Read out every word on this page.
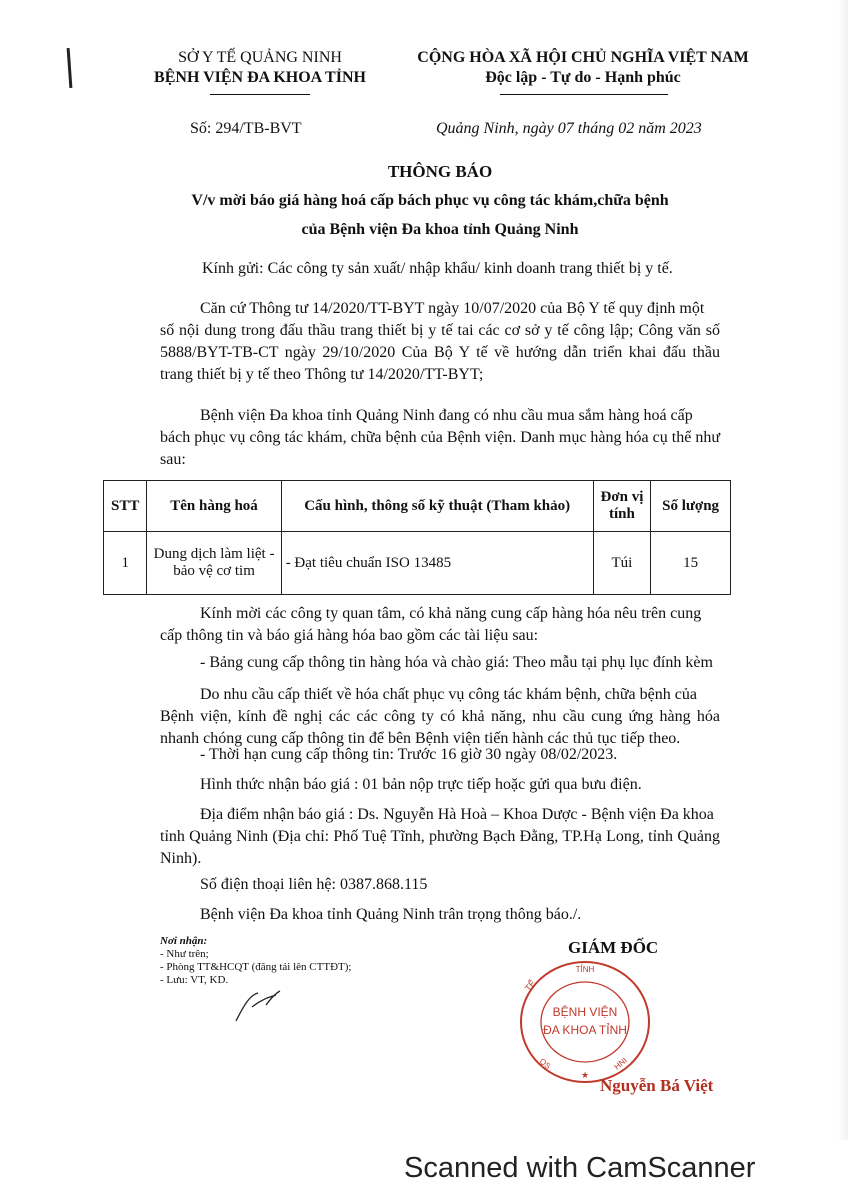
SỞ Y TẾ QUẢNG NINH
BỆNH VIỆN ĐA KHOA TỈNH
CỘNG HÒA XÃ HỘI CHỦ NGHĨA VIỆT NAM
Độc lập - Tự do - Hạnh phúc
Số: 294/TB-BVT	Quảng Ninh, ngày 07 tháng 02 năm 2023
THÔNG BÁO
V/v mời báo giá hàng hoá cấp bách phục vụ công tác khám,chữa bệnh
của Bệnh viện Đa khoa tỉnh Quảng Ninh
Kính gửi: Các công ty sản xuất/ nhập khẩu/ kinh doanh trang thiết bị y tế.
Căn cứ Thông tư 14/2020/TT-BYT ngày 10/07/2020 của Bộ Y tế quy định một
số nội dung trong đấu thầu trang thiết bị y tế tai các cơ sở y tế công lập; Công văn số 5888/BYT-TB-CT ngày 29/10/2020 Của Bộ Y tế về hướng dẫn triển khai đấu thầu trang thiết bị y tế theo Thông tư 14/2020/TT-BYT;
Bệnh viện Đa khoa tỉnh Quảng Ninh đang có nhu cầu mua sắm hàng hoá cấp
bách phục vụ công tác khám, chữa bệnh của Bệnh viện. Danh mục hàng hóa cụ thể như sau:
STT	Tên hàng hoá	Cấu hình, thông số kỹ thuật (Tham khảo)	Đơn vị tính	Số lượng
1	Dung dịch làm liệt - bảo vệ cơ tim	- Đạt tiêu chuẩn ISO 13485	Túi	15
Kính mời các công ty quan tâm, có khả năng cung cấp hàng hóa nêu trên cung
cấp thông tin và báo giá hàng hóa bao gồm các tài liệu sau:
- Bảng cung cấp thông tin hàng hóa và chào giá: Theo mẫu tại phụ lục đính kèm
Do nhu cầu cấp thiết về hóa chất phục vụ công tác khám bệnh, chữa bệnh của
Bệnh viện, kính đề nghị các các công ty có khả năng, nhu cầu cung ứng hàng hóa nhanh chóng cung cấp thông tin để bên Bệnh viện tiến hành các thủ tục tiếp theo.
- Thời hạn cung cấp thông tin: Trước 16 giờ 30 ngày 08/02/2023.
Hình thức nhận báo giá : 01 bản nộp trực tiếp hoặc gửi qua bưu điện.
Địa điểm nhận báo giá : Ds. Nguyễn Hà Hoà – Khoa Dược - Bệnh viện Đa khoa
tỉnh Quảng Ninh (Địa chỉ: Phố Tuệ Tĩnh, phường Bạch Đằng, TP.Hạ Long, tỉnh Quảng Ninh).
Số điện thoại liên hệ: 0387.868.115
Bệnh viện Đa khoa tỉnh Quảng Ninh trân trọng thông báo./.
Nơi nhận:
- Như trên;
- Phòng TT&HCQT (đăng tải lên CTTĐT);
- Lưu: VT, KD.
GIÁM ĐỐC
BỆNH VIỆN
ĐA KHOA TỈNH
TỈNH
TẾ
QS	HNI
★ Nguyễn Bá Việt
Scanned with CamScanner
